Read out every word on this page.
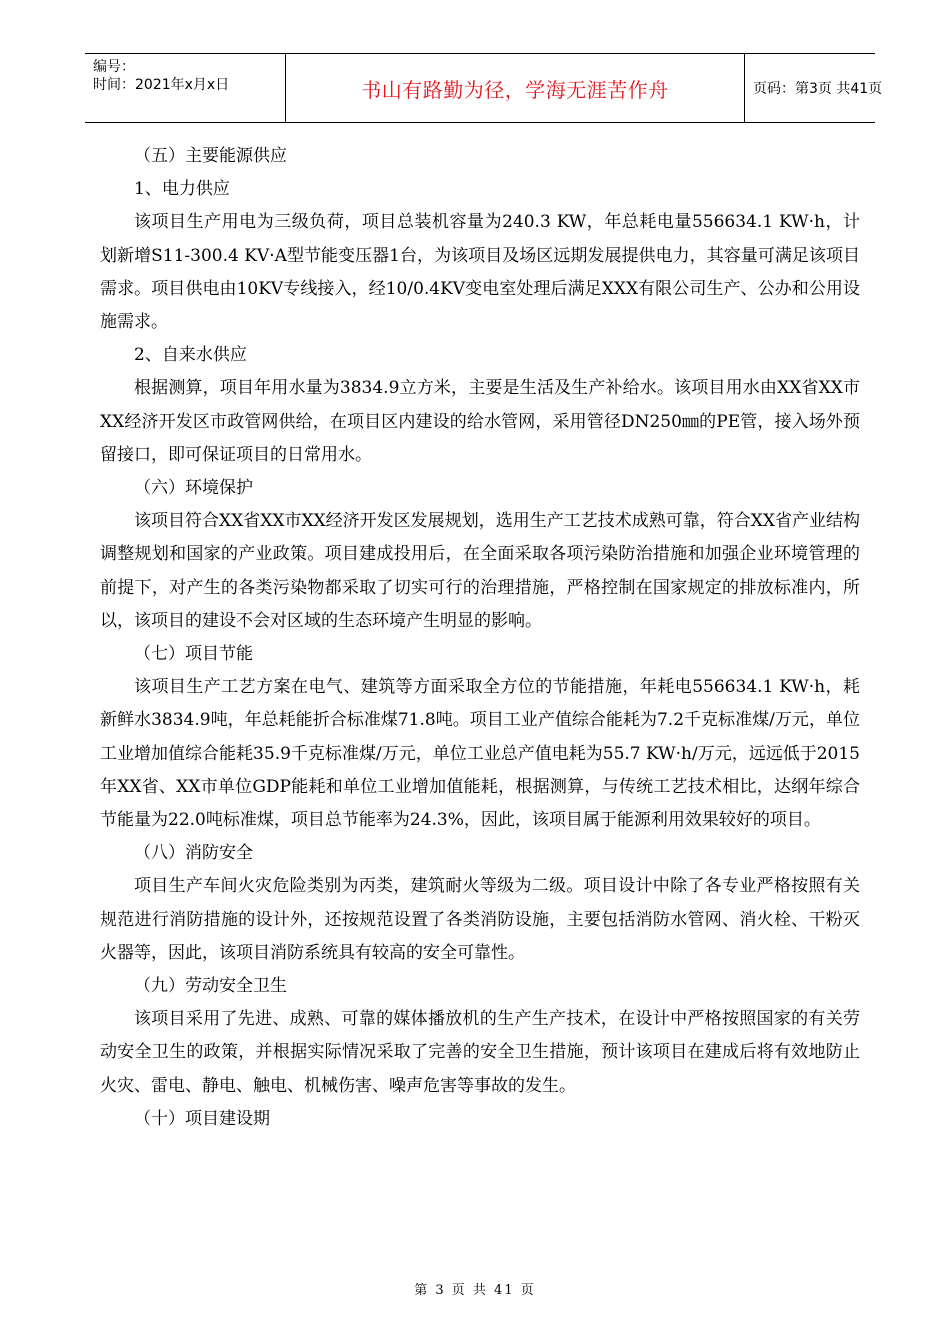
编号：
时间：2021年x月x日	书山有路勤为径，学海无涯苦作舟	页码：第3页 共41页

（五）主要能源供应

1、电力供应

该项目生产用电为三级负荷，项目总装机容量为240.3 KW，年总耗电量556634.1 KW·h，计划新增S11-300.4 KV·A型节能变压器1台，为该项目及场区远期发展提供电力，其容量可满足该项目需求。项目供电由10KV专线接入，经10/0.4KV变电室处理后满足XXX有限公司生产、公办和公用设施需求。

2、自来水供应

根据测算，项目年用水量为3834.9立方米，主要是生活及生产补给水。该项目用水由XX省XX市XX经济开发区市政管网供给，在项目区内建设的给水管网，采用管径DN250㎜的PE管，接入场外预留接口，即可保证项目的日常用水。

（六）环境保护

该项目符合XX省XX市XX经济开发区发展规划，选用生产工艺技术成熟可靠，符合XX省产业结构调整规划和国家的产业政策。项目建成投用后，在全面采取各项污染防治措施和加强企业环境管理的前提下，对产生的各类污染物都采取了切实可行的治理措施，严格控制在国家规定的排放标准内，所以，该项目的建设不会对区域的生态环境产生明显的影响。

（七）项目节能

该项目生产工艺方案在电气、建筑等方面采取全方位的节能措施，年耗电556634.1 KW·h，耗新鲜水3834.9吨，年总耗能折合标准煤71.8吨。项目工业产值综合能耗为7.2千克标准煤/万元，单位工业增加值综合能耗35.9千克标准煤/万元，单位工业总产值电耗为55.7 KW·h/万元，远远低于2015年XX省、XX市单位GDP能耗和单位工业增加值能耗，根据测算，与传统工艺技术相比，达纲年综合节能量为22.0吨标准煤，项目总节能率为24.3%，因此，该项目属于能源利用效果较好的项目。

（八）消防安全

项目生产车间火灾危险类别为丙类，建筑耐火等级为二级。项目设计中除了各专业严格按照有关规范进行消防措施的设计外，还按规范设置了各类消防设施，主要包括消防水管网、消火栓、干粉灭火器等，因此，该项目消防系统具有较高的安全可靠性。

（九）劳动安全卫生

该项目采用了先进、成熟、可靠的媒体播放机的生产生产技术，在设计中严格按照国家的有关劳动安全卫生的政策，并根据实际情况采取了完善的安全卫生措施，预计该项目在建成后将有效地防止火灾、雷电、静电、触电、机械伤害、噪声危害等事故的发生。

（十）项目建设期

第 3 页 共 41 页
